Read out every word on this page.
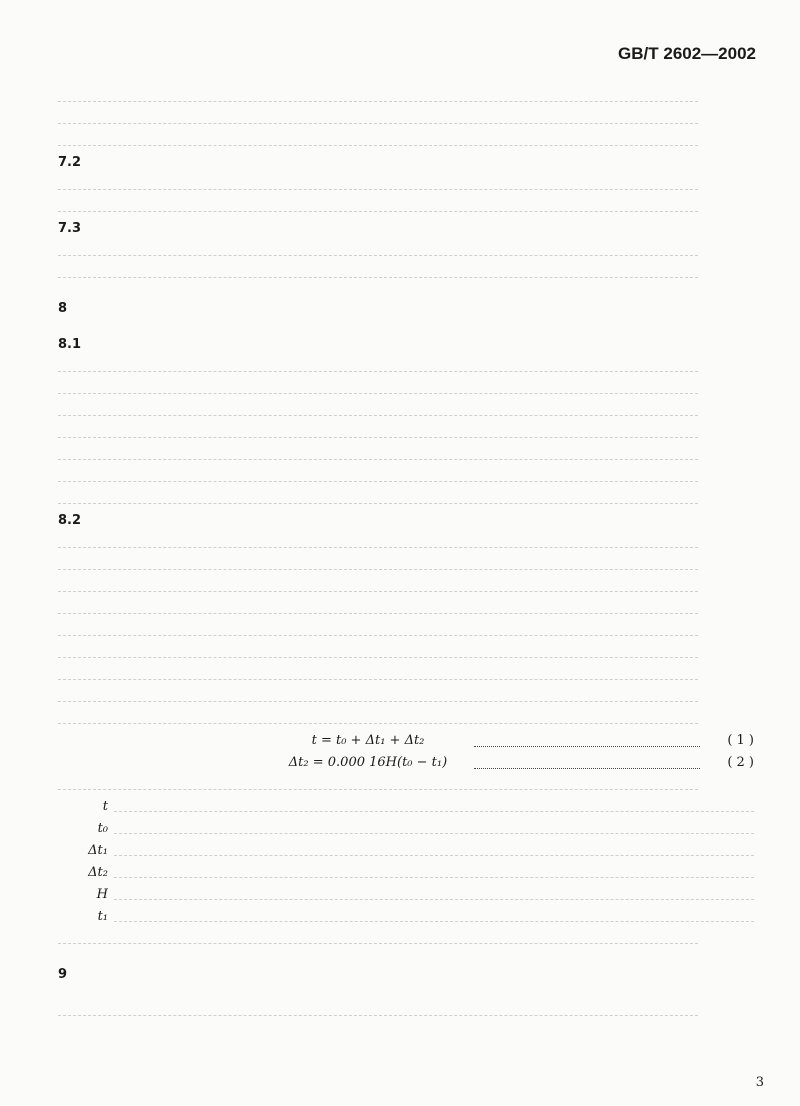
GB/T 2602—2002
7.2
7.3
8
8.1
8.2
t = t₀ + Δt₁ + Δt₂	( 1 )
Δt₂ = 0.000 16H(t₀ − t₁)	( 2 )
t
t₀
Δt₁
Δt₂
H
t₁
9
3
